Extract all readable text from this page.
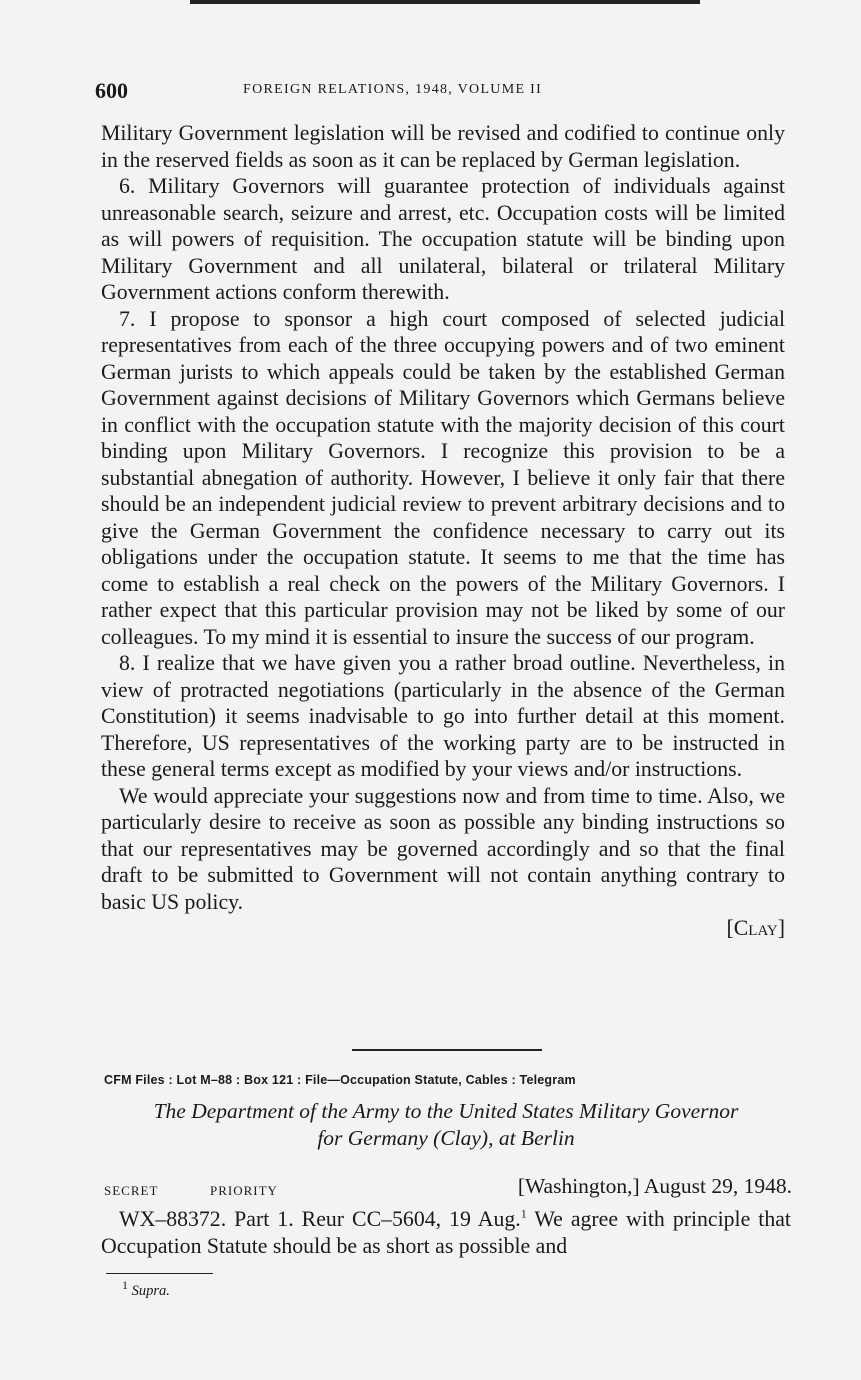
600	FOREIGN RELATIONS, 1948, VOLUME II

Military Government legislation will be revised and codified to continue only in the reserved fields as soon as it can be replaced by German legislation.

6. Military Governors will guarantee protection of individuals against unreasonable search, seizure and arrest, etc. Occupation costs will be limited as will powers of requisition. The occupation statute will be binding upon Military Government and all unilateral, bilateral or trilateral Military Government actions conform therewith.

7. I propose to sponsor a high court composed of selected judicial representatives from each of the three occupying powers and of two eminent German jurists to which appeals could be taken by the established German Government against decisions of Military Governors which Germans believe in conflict with the occupation statute with the majority decision of this court binding upon Military Governors. I recognize this provision to be a substantial abnegation of authority. However, I believe it only fair that there should be an independent judicial review to prevent arbitrary decisions and to give the German Government the confidence necessary to carry out its obligations under the occupation statute. It seems to me that the time has come to establish a real check on the powers of the Military Governors. I rather expect that this particular provision may not be liked by some of our colleagues. To my mind it is essential to insure the success of our program.

8. I realize that we have given you a rather broad outline. Nevertheless, in view of protracted negotiations (particularly in the absence of the German Constitution) it seems inadvisable to go into further detail at this moment. Therefore, US representatives of the working party are to be instructed in these general terms except as modified by your views and/or instructions.

We would appreciate your suggestions now and from time to time. Also, we particularly desire to receive as soon as possible any binding instructions so that our representatives may be governed accordingly and so that the final draft to be submitted to Government will not contain anything contrary to basic US policy.

[Clay]

CFM Files : Lot M–88 : Box 121 : File—Occupation Statute, Cables : Telegram
The Department of the Army to the United States Military Governor
for Germany (Clay), at Berlin
SECRET	PRIORITY	[Washington,] August 29, 1948.
WX–88372. Part 1. Reur CC–5604, 19 Aug.$^1$ We agree with principle that Occupation Statute should be as short as possible and
$^1$ Supra.
